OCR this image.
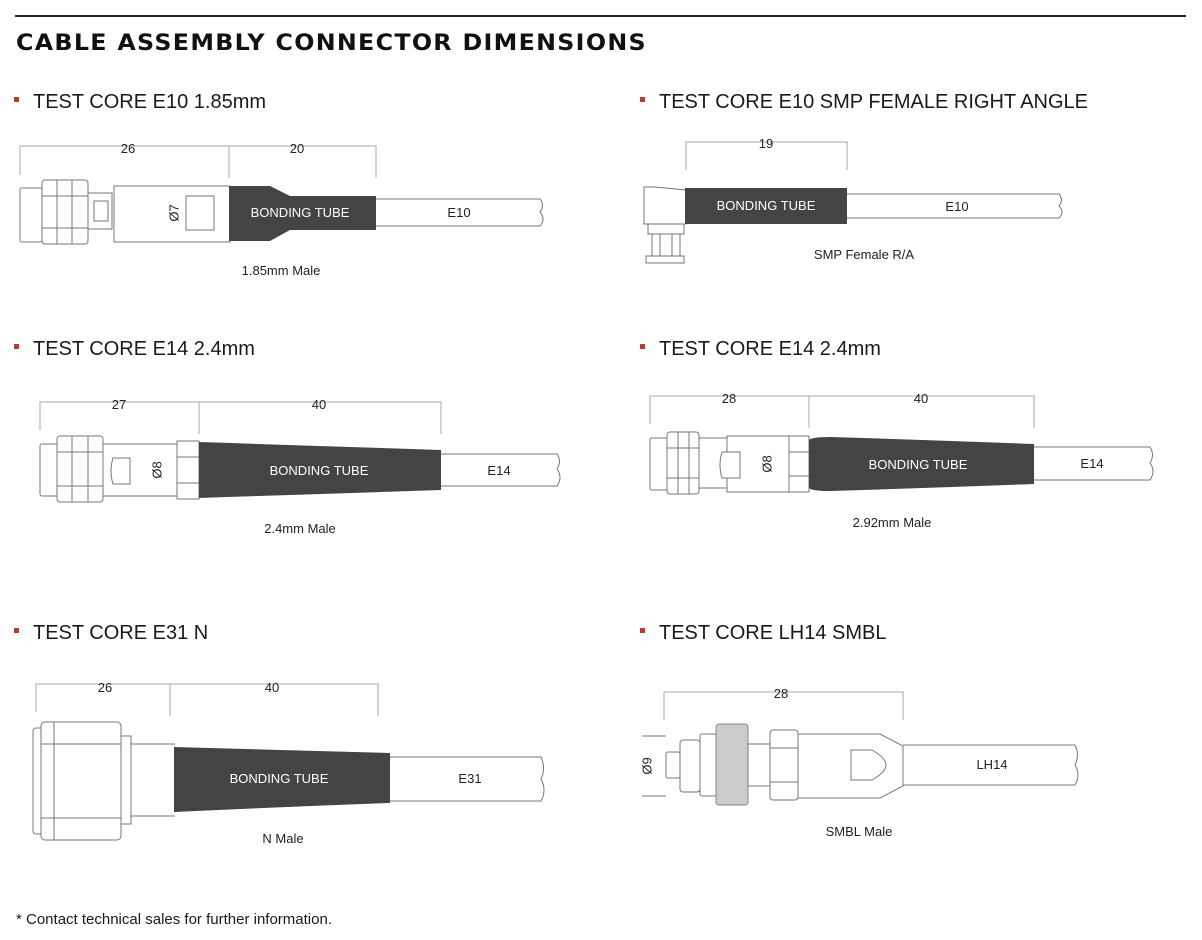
CABLE ASSEMBLY CONNECTOR DIMENSIONS
TEST CORE E10 1.85mm	TEST CORE E10 SMP FEMALE RIGHT ANGLE
TEST CORE E14 2.4mm	TEST CORE E14 2.4mm
TEST CORE E31 N	TEST CORE LH14 SMBL
26	20
Ø7	BONDING TUBE	E10
1.85mm Male
19
BONDING TUBE	E10
SMP Female R/A
27	40
Ø8	BONDING TUBE	E14
2.4mm Male
28	40
Ø8	BONDING TUBE	E14
2.92mm Male
26	40
BONDING TUBE	E31
N Male
28
Ø9	LH14
SMBL Male
* Contact technical sales for further information.
